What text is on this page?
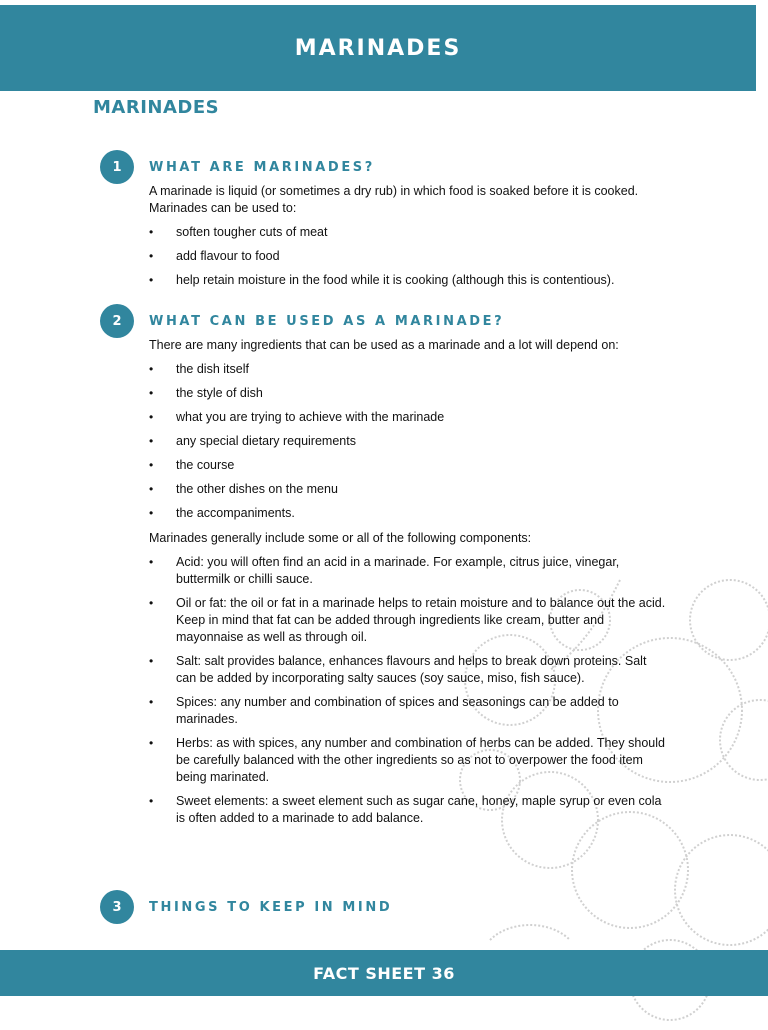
MARINADES
MARINADES
1	WHAT ARE MARINADES?

A marinade is liquid (or sometimes a dry rub) in which food is soaked before it is cooked. Marinades can be used to:

• soften tougher cuts of meat
• add flavour to food
• help retain moisture in the food while it is cooking (although this is contentious).
2	WHAT CAN BE USED AS A MARINADE?

There are many ingredients that can be used as a marinade and a lot will depend on:

• the dish itself
• the style of dish
• what you are trying to achieve with the marinade
• any special dietary requirements
• the course
• the other dishes on the menu
• the accompaniments.

Marinades generally include some or all of the following components:

• Acid: you will often find an acid in a marinade. For example, citrus juice, vinegar, buttermilk or chilli sauce.
• Oil or fat: the oil or fat in a marinade helps to retain moisture and to balance out the acid. Keep in mind that fat can be added through ingredients like cream, butter and mayonnaise as well as through oil.
• Salt: salt provides balance, enhances flavours and helps to break down proteins. Salt can be added by incorporating salty sauces (soy sauce, miso, fish sauce).
• Spices: any number and combination of spices and seasonings can be added to marinades.
• Herbs: as with spices, any number and combination of herbs can be added. They should be carefully balanced with the other ingredients so as not to overpower the food item being marinated.
• Sweet elements: a sweet element such as sugar cane, honey, maple syrup or even cola is often added to a marinade to add balance.
3	THINGS TO KEEP IN MIND
FACT SHEET 36
